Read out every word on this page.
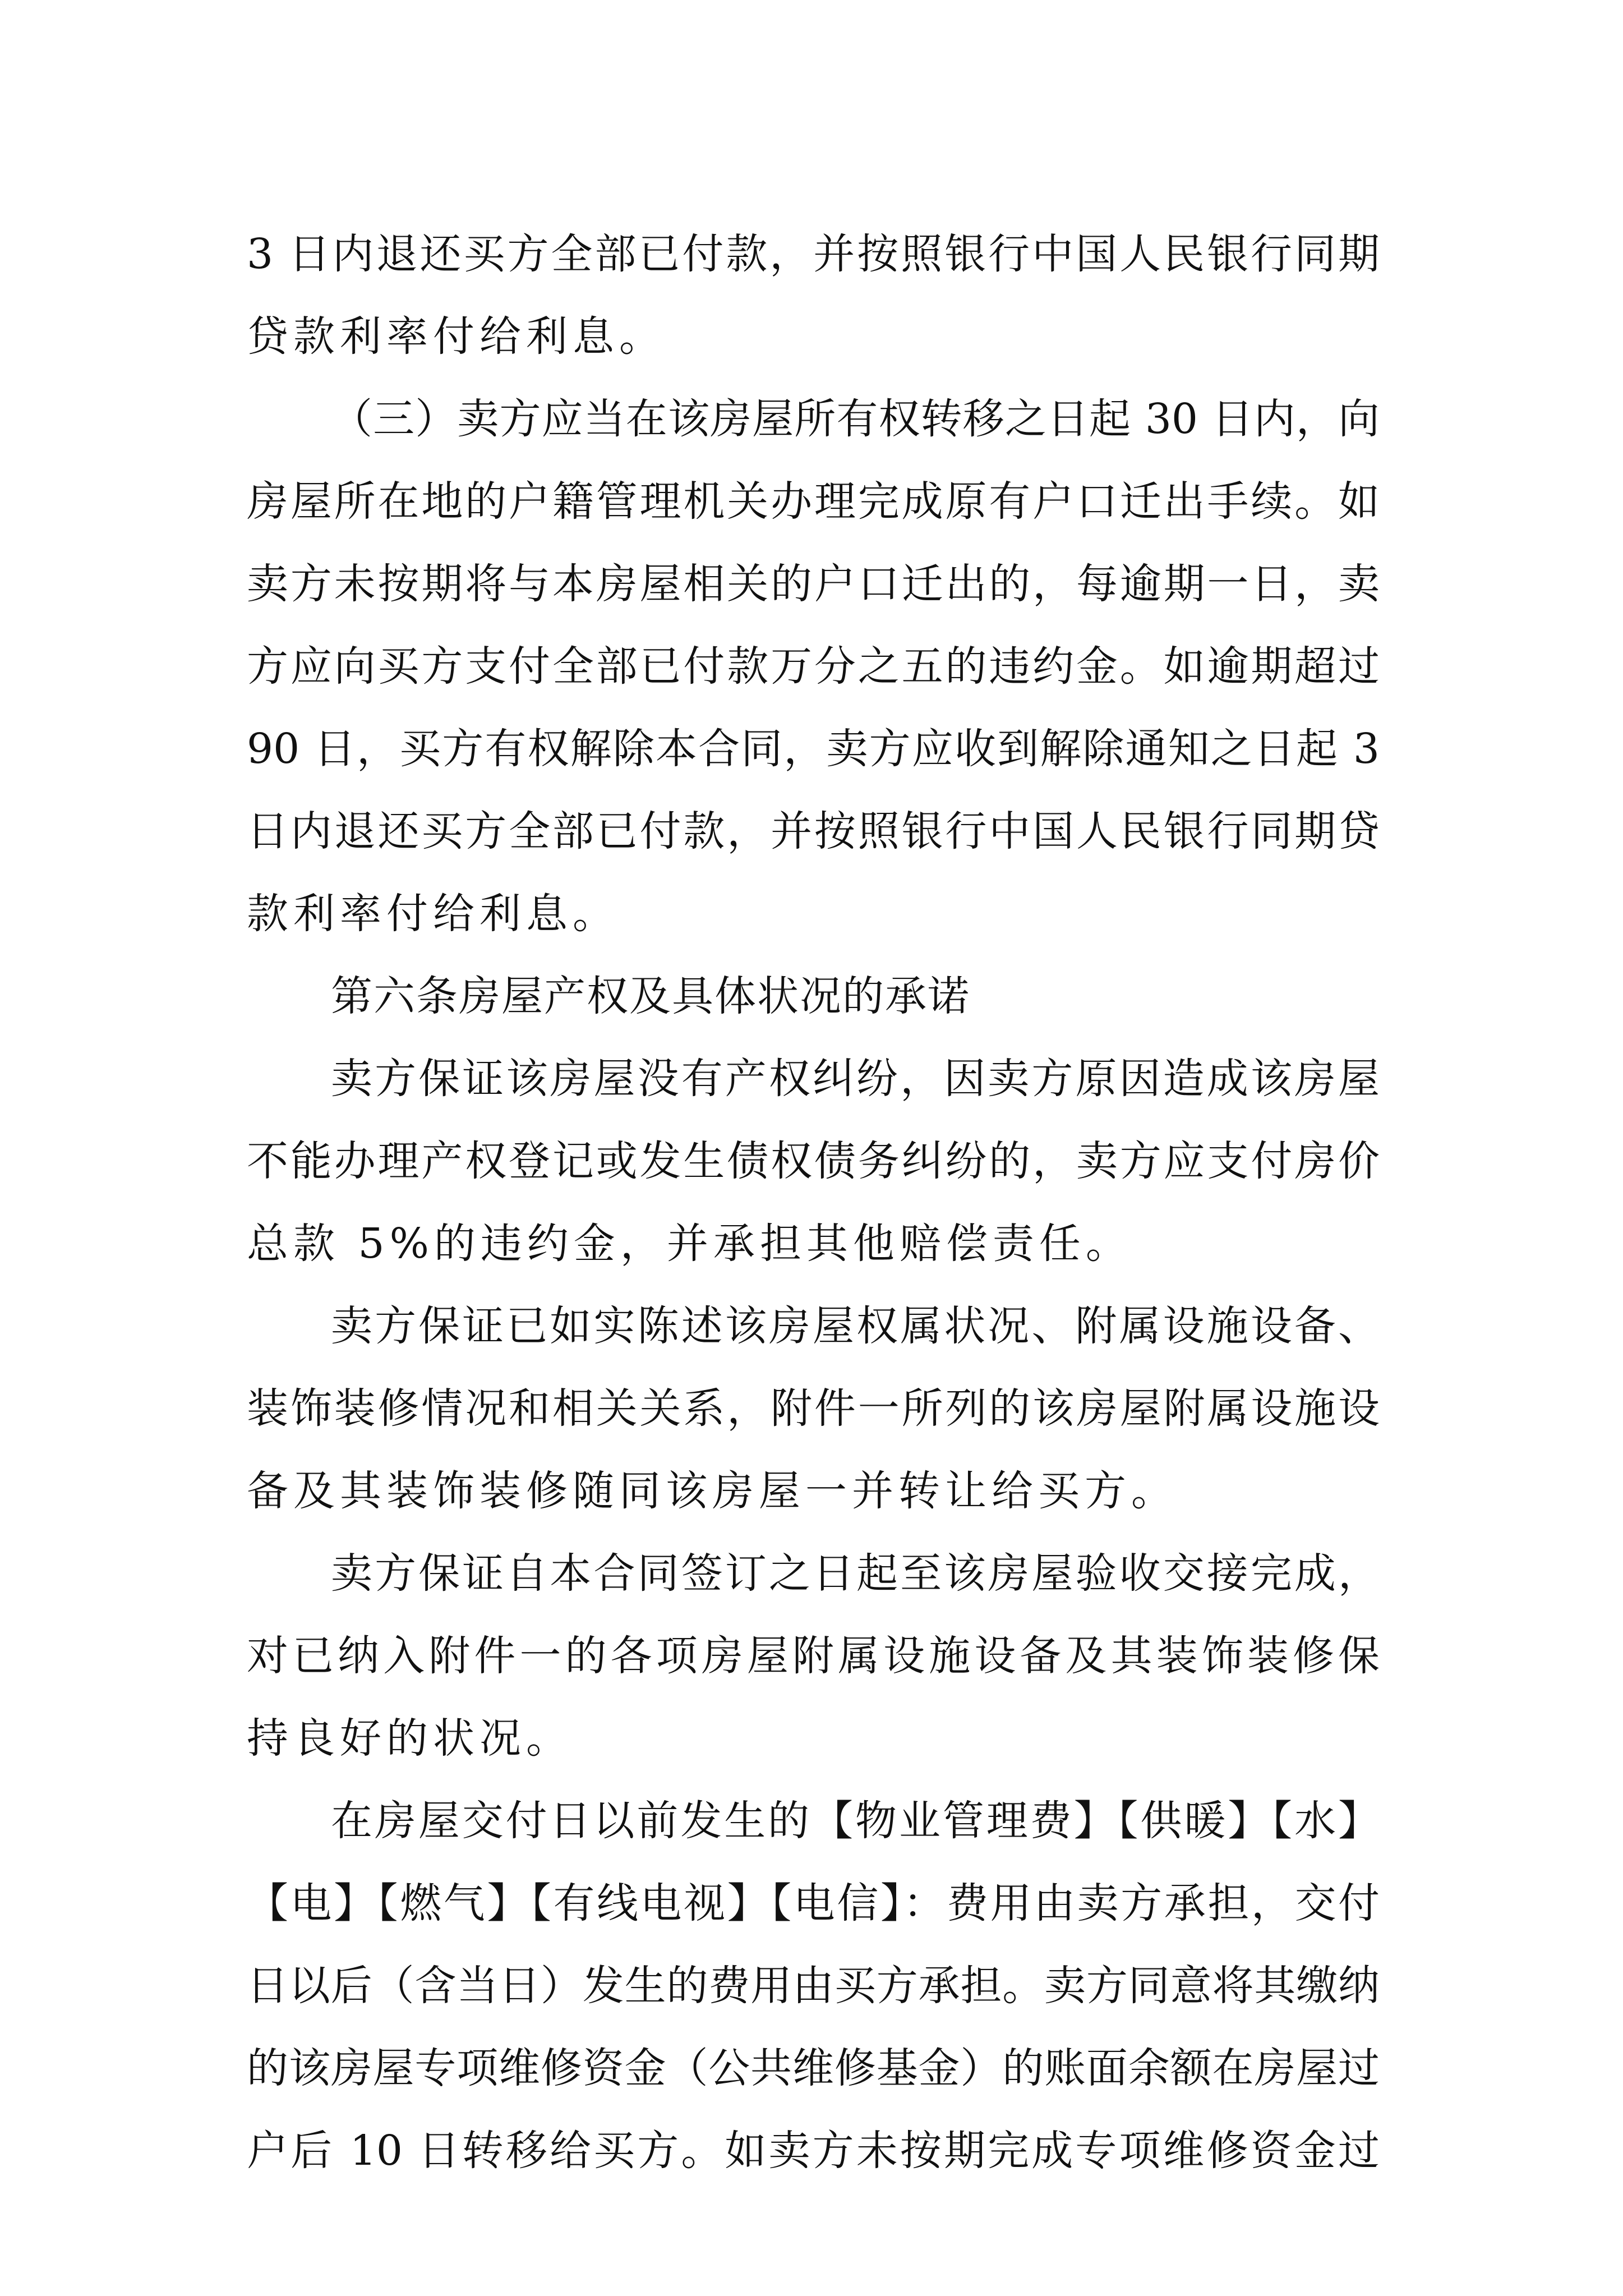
3 日内退还买方全部已付款，并按照银行中国人民银行同期
贷款利率付给利息。
（三）卖方应当在该房屋所有权转移之日起 30 日内，向
房屋所在地的户籍管理机关办理完成原有户口迁出手续。如
卖方未按期将与本房屋相关的户口迁出的，每逾期一日，卖
方应向买方支付全部已付款万分之五的违约金。如逾期超过
90 日，买方有权解除本合同，卖方应收到解除通知之日起 3
日内退还买方全部已付款，并按照银行中国人民银行同期贷
款利率付给利息。
第六条房屋产权及具体状况的承诺
卖方保证该房屋没有产权纠纷，因卖方原因造成该房屋
不能办理产权登记或发生债权债务纠纷的，卖方应支付房价
总款 5%的违约金，并承担其他赔偿责任。
卖方保证已如实陈述该房屋权属状况、附属设施设备、
装饰装修情况和相关关系，附件一所列的该房屋附属设施设
备及其装饰装修随同该房屋一并转让给买方。
卖方保证自本合同签订之日起至该房屋验收交接完成，
对已纳入附件一的各项房屋附属设施设备及其装饰装修保
持良好的状况。
在房屋交付日以前发生的【物业管理费】【供暖】【水】
【电】【燃气】【有线电视】【电信】：费用由卖方承担，交付
日以后（含当日）发生的费用由买方承担。卖方同意将其缴纳
的该房屋专项维修资金（公共维修基金）的账面余额在房屋过
户后 10 日转移给买方。如卖方未按期完成专项维修资金过
